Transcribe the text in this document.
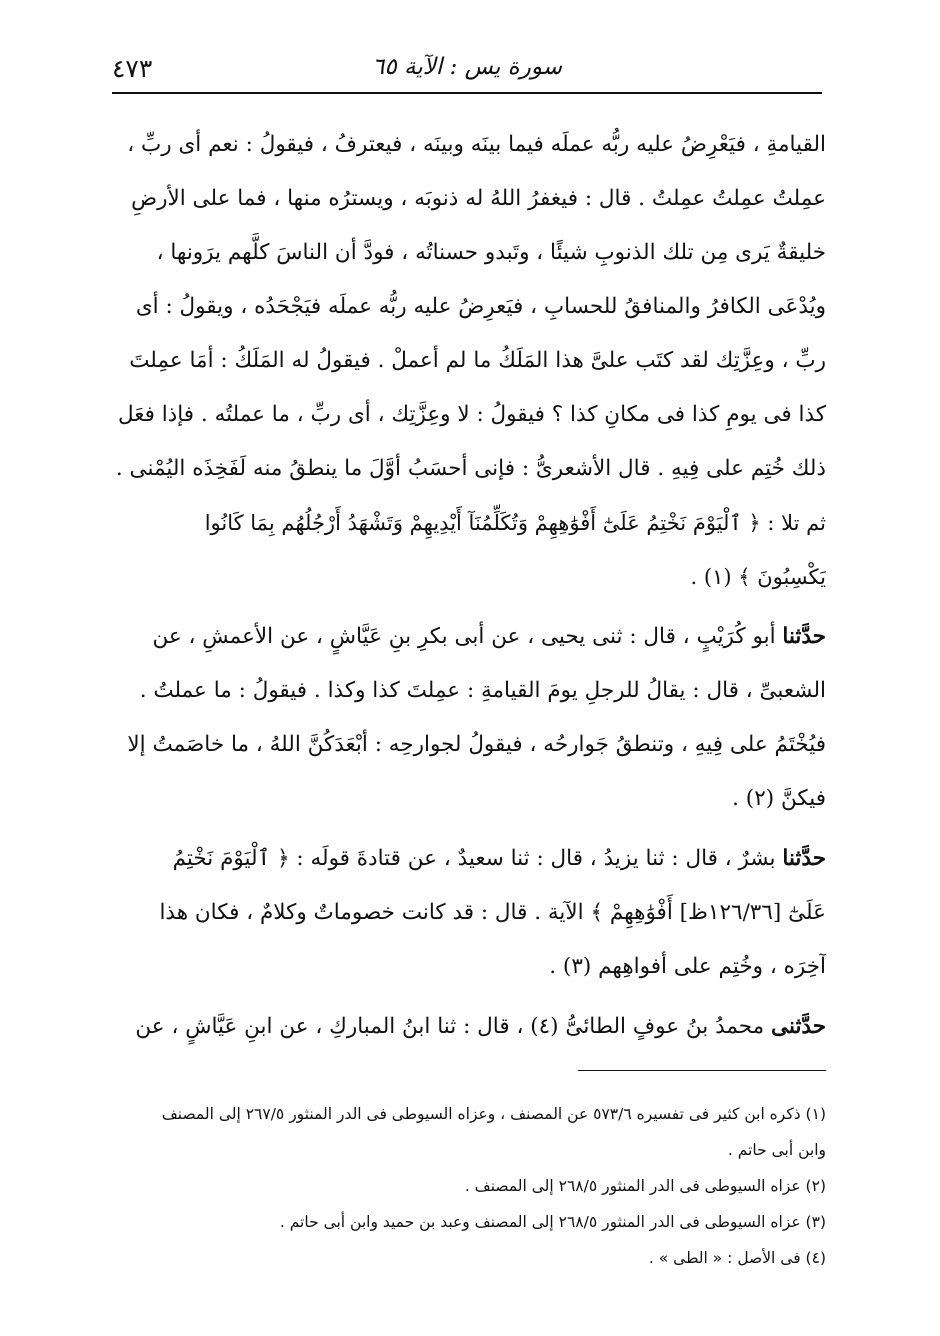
سورة يس : الآية ٦٥
٤٧٣
القيامةِ ، فيَعْرِضُ عليه ربُّه عملَه فيما بينَه وبينَه ، فيعترفُ ، فيقولُ : نعم أى ربِّ ،
عمِلتُ عمِلتُ عمِلتُ . قال : فيغفرُ اللهُ له ذنوبَه ، ويسترُه منها ، فما على الأرضِ
خليقةٌ يَرى مِن تلك الذنوبِ شيئًا ، وتَبدو حسناتُه ، فودَّ أن الناسَ كلَّهم يرَونها ،
ويُدْعَى الكافرُ والمنافقُ للحسابِ ، فيَعرِضُ عليه ربُّه عملَه فيَجْحَدُه ، ويقولُ : أى
ربِّ ، وعِزَّتِك لقد كتَب علىَّ هذا المَلَكُ ما لم أعملْ . فيقولُ له المَلَكُ : أمَا عمِلتَ
كذا فى يومِ كذا فى مكانِ كذا ؟ فيقولُ : لا وعِزَّتِك ، أى ربِّ ، ما عملتُه . فإذا فعَل
ذلك خُتِم على فِيهِ . قال الأشعرىُّ : فإنى أحسَبُ أوَّلَ ما ينطقُ منه لَفَخِذَه اليُمْنى .
ثم تلا : ﴿ ٱلْيَوْمَ نَخْتِمُ عَلَىٰٓ أَفْوَٰهِهِمْ وَتُكَلِّمُنَآ أَيْدِيهِمْ وَتَشْهَدُ أَرْجُلُهُم بِمَا كَانُوا
يَكْسِبُونَ ﴾ (١) .
حدَّثنا أبو كُرَيْبٍ ، قال : ثنى يحيى ، عن أبى بكرِ بنِ عَيَّاشٍ ، عن الأعمشِ ، عن
الشعبىِّ ، قال : يقالُ للرجلِ يومَ القيامةِ : عمِلتَ كذا وكذا . فيقولُ : ما عملتُ .
فيُخْتَمُ على فِيهِ ، وتنطقُ جَوارحُه ، فيقولُ لجوارحِه : أبْعَدَكُنَّ اللهُ ، ما خاصَمتُ إلا
فيكنَّ (٢) .
حدَّثنا بشرٌ ، قال : ثنا يزيدُ ، قال : ثنا سعيدٌ ، عن قتادةَ قولَه : ﴿ ٱلْيَوْمَ نَخْتِمُ
عَلَىٰٓ [١٢٦/٣٦ظ] أَفْوَٰهِهِمْ ﴾ الآية . قال : قد كانت خصوماتٌ وكلامٌ ، فكان هذا
آخِرَه ، وخُتِم على أفواهِهم (٣) .
حدَّثنى محمدُ بنُ عوفٍ الطائىُّ (٤) ، قال : ثنا ابنُ المباركِ ، عن ابنِ عَيَّاشٍ ، عن
(١) ذكره ابن كثير فى تفسيره ٥٧٣/٦ عن المصنف ، وعزاه السيوطى فى الدر المنثور ٢٦٧/٥ إلى المصنف
وابن أبى حاتم .
(٢) عزاه السيوطى فى الدر المنثور ٢٦٨/٥ إلى المصنف .
(٣) عزاه السيوطى فى الدر المنثور ٢٦٨/٥ إلى المصنف وعبد بن حميد وابن أبى حاتم .
(٤) فى الأصل : « الطى » .
